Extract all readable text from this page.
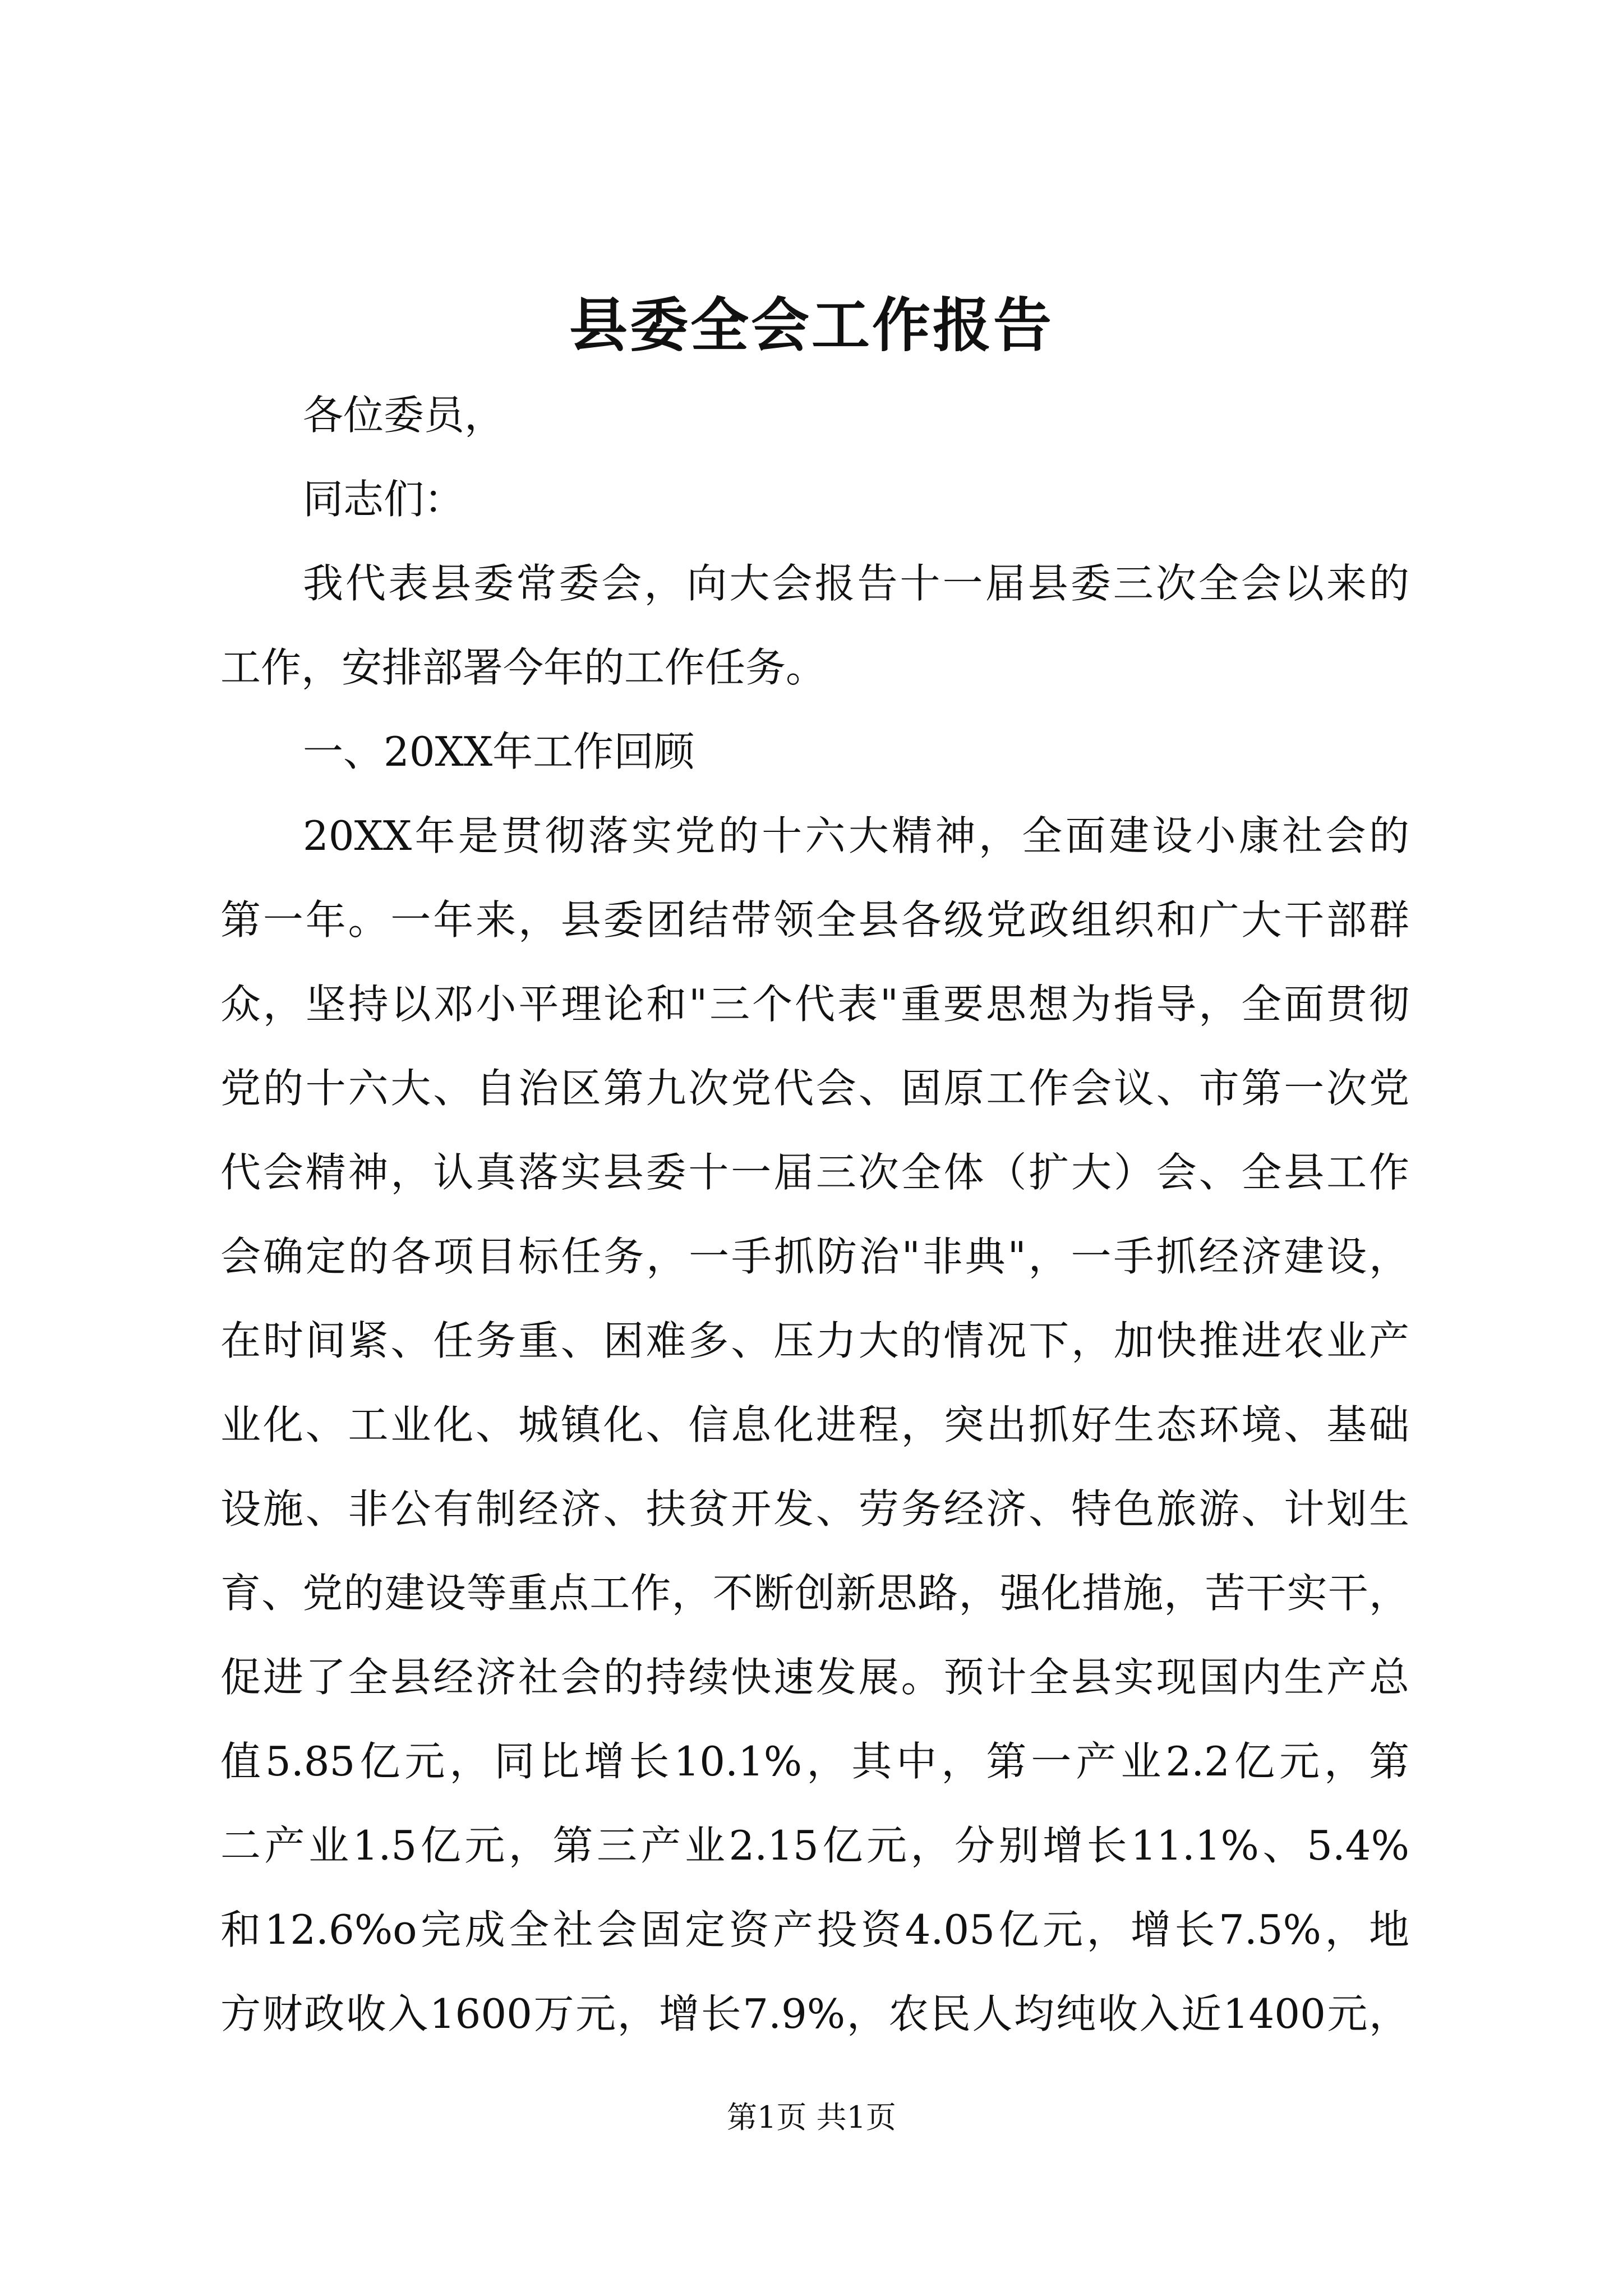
县委全会工作报告
各位委员，
同志们：
我代表县委常委会，向大会报告十一届县委三次全会以来的
工作，安排部署今年的工作任务。
一、20XX年工作回顾
20XX年是贯彻落实党的十六大精神，全面建设小康社会的
第一年。一年来，县委团结带领全县各级党政组织和广大干部群
众，坚持以邓小平理论和"三个代表"重要思想为指导，全面贯彻
党的十六大、自治区第九次党代会、固原工作会议、市第一次党
代会精神，认真落实县委十一届三次全体（扩大）会、全县工作
会确定的各项目标任务，一手抓防治"非典"，一手抓经济建设，
在时间紧、任务重、困难多、压力大的情况下，加快推进农业产
业化、工业化、城镇化、信息化进程，突出抓好生态环境、基础
设施、非公有制经济、扶贫开发、劳务经济、特色旅游、计划生
育、党的建设等重点工作，不断创新思路，强化措施，苦干实干，
促进了全县经济社会的持续快速发展。预计全县实现国内生产总
值5.85亿元，同比增长10.1%，其中，第一产业2.2亿元，第
二产业1.5亿元，第三产业2.15亿元，分别增长11.1%、5.4%
和12.6%o完成全社会固定资产投资4.05亿元，增长7.5%，地
方财政收入1600万元，增长7.9%，农民人均纯收入近1400元，
第1页 共1页
